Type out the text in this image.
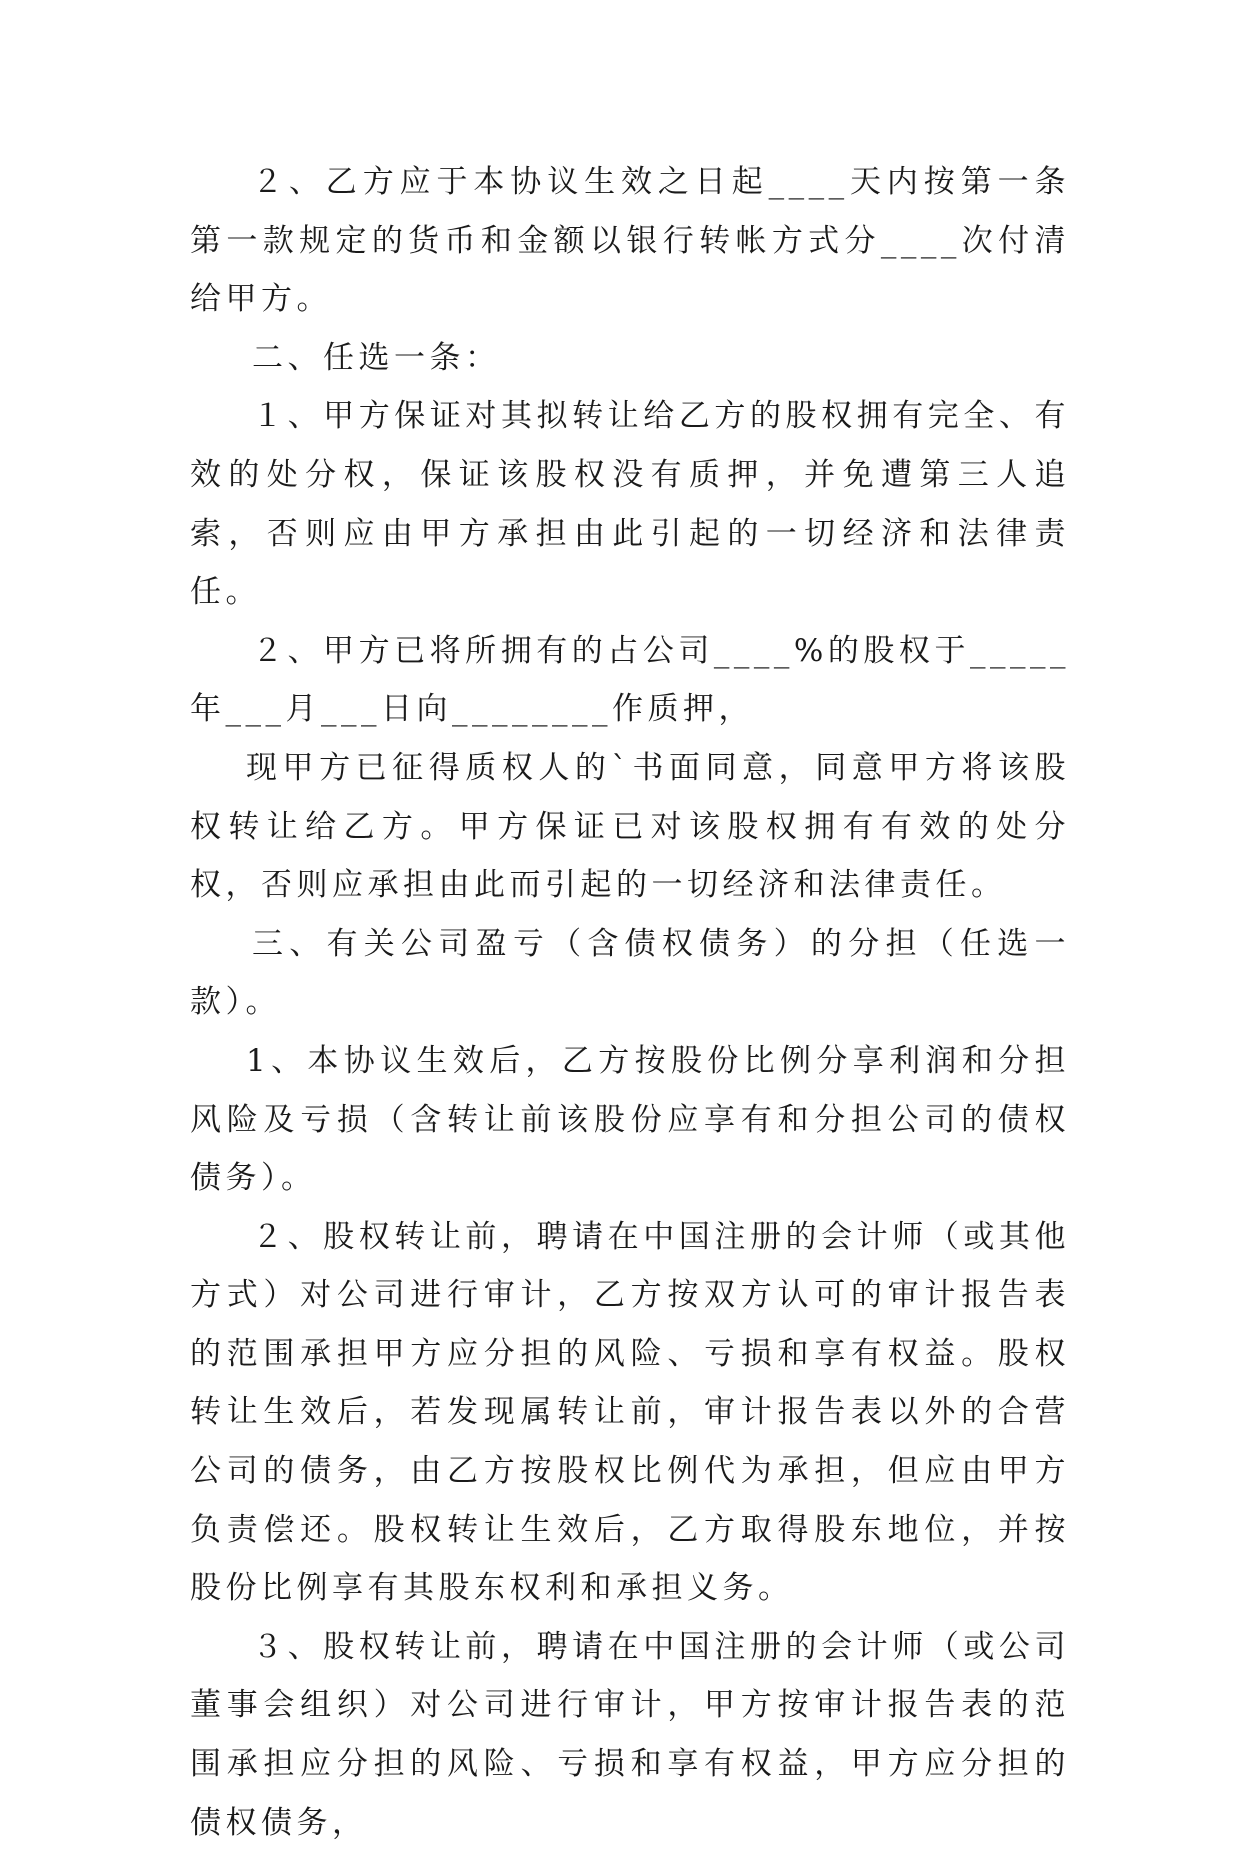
２、乙方应于本协议生效之日起____天内按第一条第一款规定的货币和金额以银行转帐方式分____次付清给甲方。

二、任选一条：

１、甲方保证对其拟转让给乙方的股权拥有完全、有效的处分权，保证该股权没有质押，并免遭第三人追索，否则应由甲方承担由此引起的一切经济和法律责任。

２、甲方已将所拥有的占公司____%的股权于_____年___月___日向________作质押，

现甲方已征得质权人的`书面同意，同意甲方将该股权转让给乙方。甲方保证已对该股权拥有有效的处分权，否则应承担由此而引起的一切经济和法律责任。

三、有关公司盈亏（含债权债务）的分担（任选一款）。

1、本协议生效后，乙方按股份比例分享利润和分担风险及亏损（含转让前该股份应享有和分担公司的债权债务）。

２、股权转让前，聘请在中国注册的会计师（或其他方式）对公司进行审计，乙方按双方认可的审计报告表的范围承担甲方应分担的风险、亏损和享有权益。股权转让生效后，若发现属转让前，审计报告表以外的合营公司的债务，由乙方按股权比例代为承担，但应由甲方负责偿还。股权转让生效后，乙方取得股东地位，并按股份比例享有其股东权利和承担义务。

３、股权转让前，聘请在中国注册的会计师（或公司董事会组织）对公司进行审计，甲方按审计报告表的范围承担应分担的风险、亏损和享有权益，甲方应分担的债权债务，
